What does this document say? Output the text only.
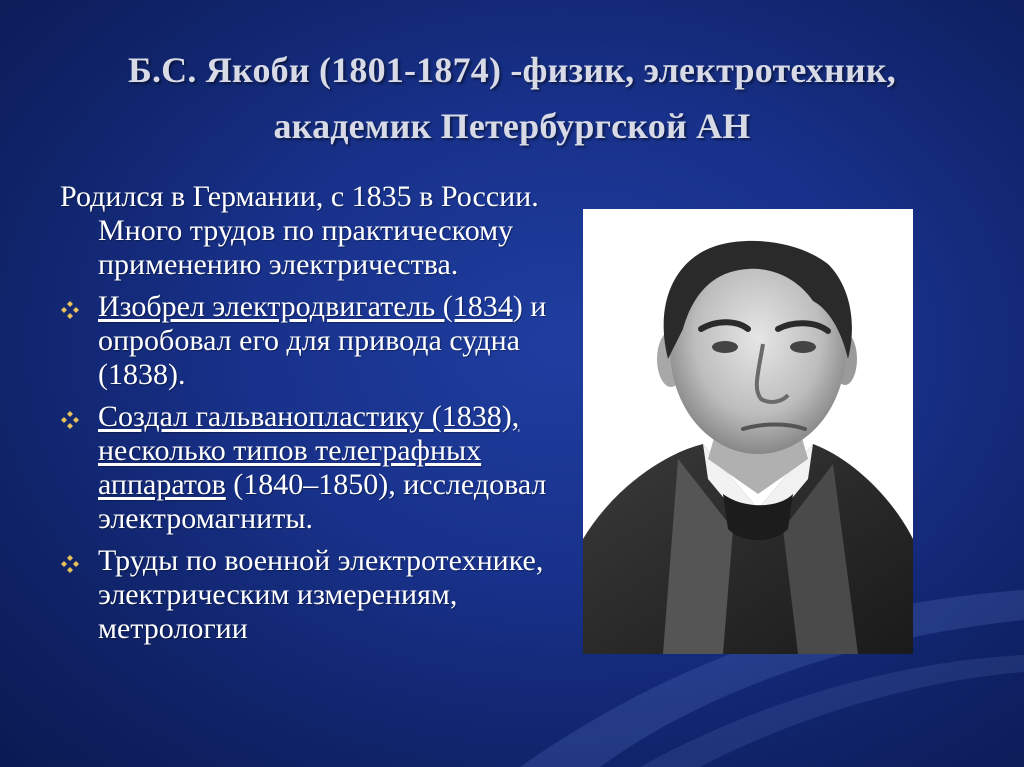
Б.С. Якоби (1801-1874) -физик, электротехник,
академик Петербургской АН

Родился в Германии, с 1835 в России. Много трудов по практическому применению электричества.

Изобрел электродвигатель (1834) и опробовал его для привода судна (1838).
Создал гальванопластику (1838), несколько типов телеграфных аппаратов (1840–1850), исследовал электромагниты.
Труды по военной электротехнике, электрическим измерениям, метрологии
